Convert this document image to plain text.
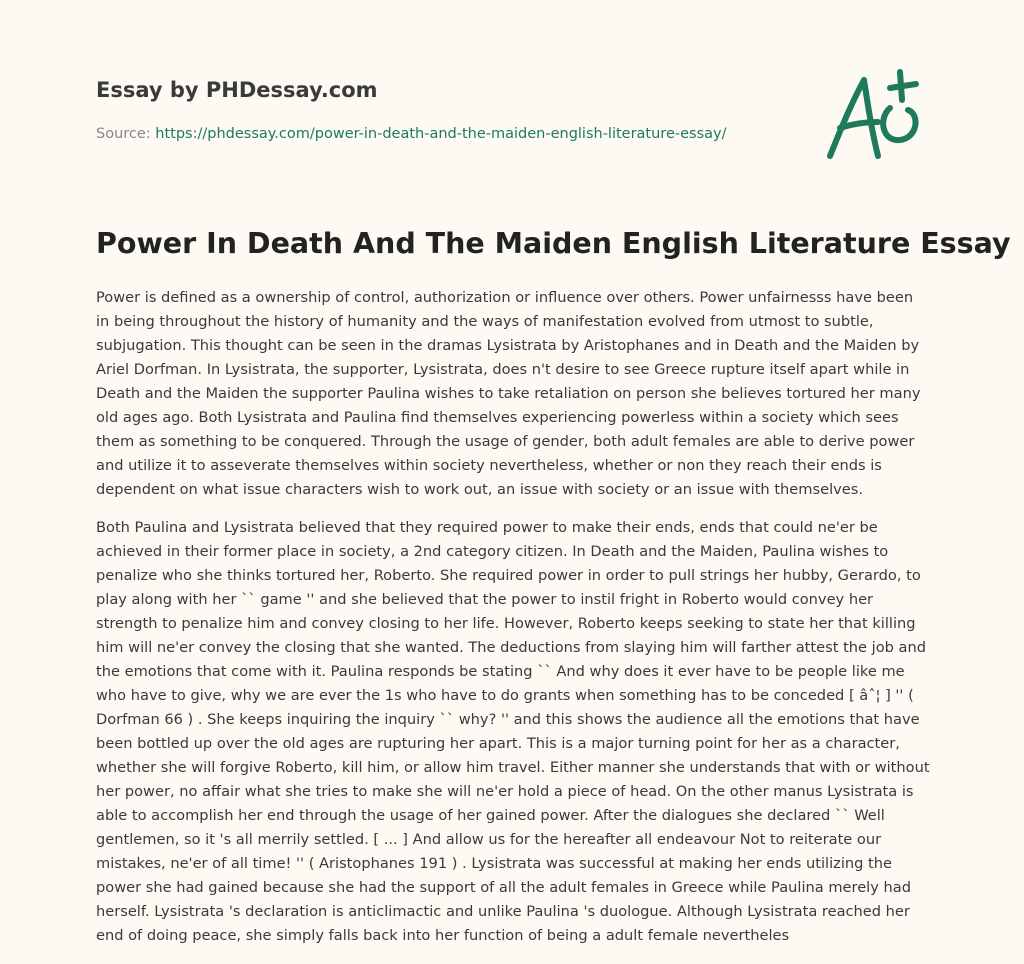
Essay by PHDessay.com
Source: https://phdessay.com/power-in-death-and-the-maiden-english-literature-essay/
Power In Death And The Maiden English Literature Essay

Power is defined as a ownership of control, authorization or influence over others. Power unfairnesss have been in being throughout the history of humanity and the ways of manifestation evolved from utmost to subtle, subjugation. This thought can be seen in the dramas Lysistrata by Aristophanes and in Death and the Maiden by Ariel Dorfman. In Lysistrata, the supporter, Lysistrata, does n't desire to see Greece rupture itself apart while in Death and the Maiden the supporter Paulina wishes to take retaliation on person she believes tortured her many old ages ago. Both Lysistrata and Paulina find themselves experiencing powerless within a society which sees them as something to be conquered. Through the usage of gender, both adult females are able to derive power and utilize it to asseverate themselves within society nevertheless, whether or non they reach their ends is dependent on what issue characters wish to work out, an issue with society or an issue with themselves.

Both Paulina and Lysistrata believed that they required power to make their ends, ends that could ne'er be achieved in their former place in society, a 2nd category citizen. In Death and the Maiden, Paulina wishes to penalize who she thinks tortured her, Roberto. She required power in order to pull strings her hubby, Gerardo, to play along with her `` game '' and she believed that the power to instil fright in Roberto would convey her strength to penalize him and convey closing to her life. However, Roberto keeps seeking to state her that killing him will ne'er convey the closing that she wanted. The deductions from slaying him will farther attest the job and the emotions that come with it. Paulina responds be stating `` And why does it ever have to be people like me who have to give, why we are ever the 1s who have to do grants when something has to be conceded [ âˆ¦ ] '' ( Dorfman 66 ) . She keeps inquiring the inquiry `` why? '' and this shows the audience all the emotions that have been bottled up over the old ages are rupturing her apart. This is a major turning point for her as a character, whether she will forgive Roberto, kill him, or allow him travel. Either manner she understands that with or without her power, no affair what she tries to make she will ne'er hold a piece of head. On the other manus Lysistrata is able to accomplish her end through the usage of her gained power. After the dialogues she declared `` Well gentlemen, so it 's all merrily settled. [ ... ] And allow us for the hereafter all endeavour Not to reiterate our mistakes, ne'er of all time! '' ( Aristophanes 191 ) . Lysistrata was successful at making her ends utilizing the power she had gained because she had the support of all the adult females in Greece while Paulina merely had herself. Lysistrata 's declaration is anticlimactic and unlike Paulina 's duologue. Although Lysistrata reached her end of doing peace, she simply falls back into her function of being a adult female nevertheles
